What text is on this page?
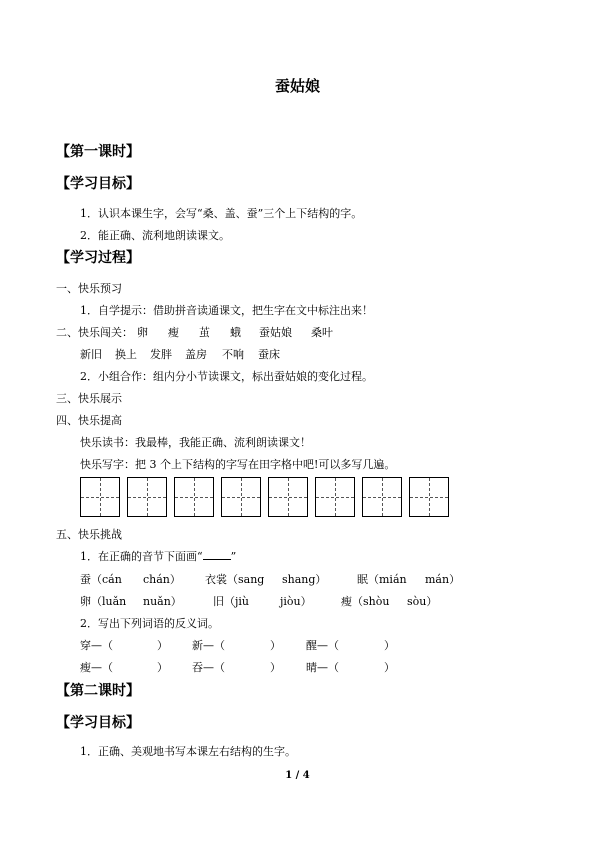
蚕姑娘
【第一课时】
【学习目标】
1．认识本课生字，会写“桑、盖、蚕”三个上下结构的字。
2．能正确、流利地朗读课文。
【学习过程】
一、快乐预习
1．自学提示：借助拼音读通课文，把生字在文中标注出来！
二、快乐闯关： 卵 瘦 茧 蛾 蚕姑娘 桑叶
新旧 换上 发胖 盖房 不响 蚕床
2．小组合作：组内分小节读课文，标出蚕姑娘的变化过程。
三、快乐展示
四、快乐提高
快乐读书：我最棒，我能正确、流利朗读课文！
快乐写字：把 3 个上下结构的字写在田字格中吧!可以多写几遍。
五、快乐挑战
1．在正确的音节下面画“	”
蚕（cán chán） 衣裳（sang shang）	眠（mián mán）
卵（luǎn nuǎn）	旧（jiù	jiòu）	瘦（shòu sòu）
2．写出下列词语的反义词。
穿—（	） 新—（	） 醒—（	）
瘦—（	） 吞—（	） 晴—（	）
【第二课时】
【学习目标】
1．正确、美观地书写本课左右结构的生字。
1 / 4
